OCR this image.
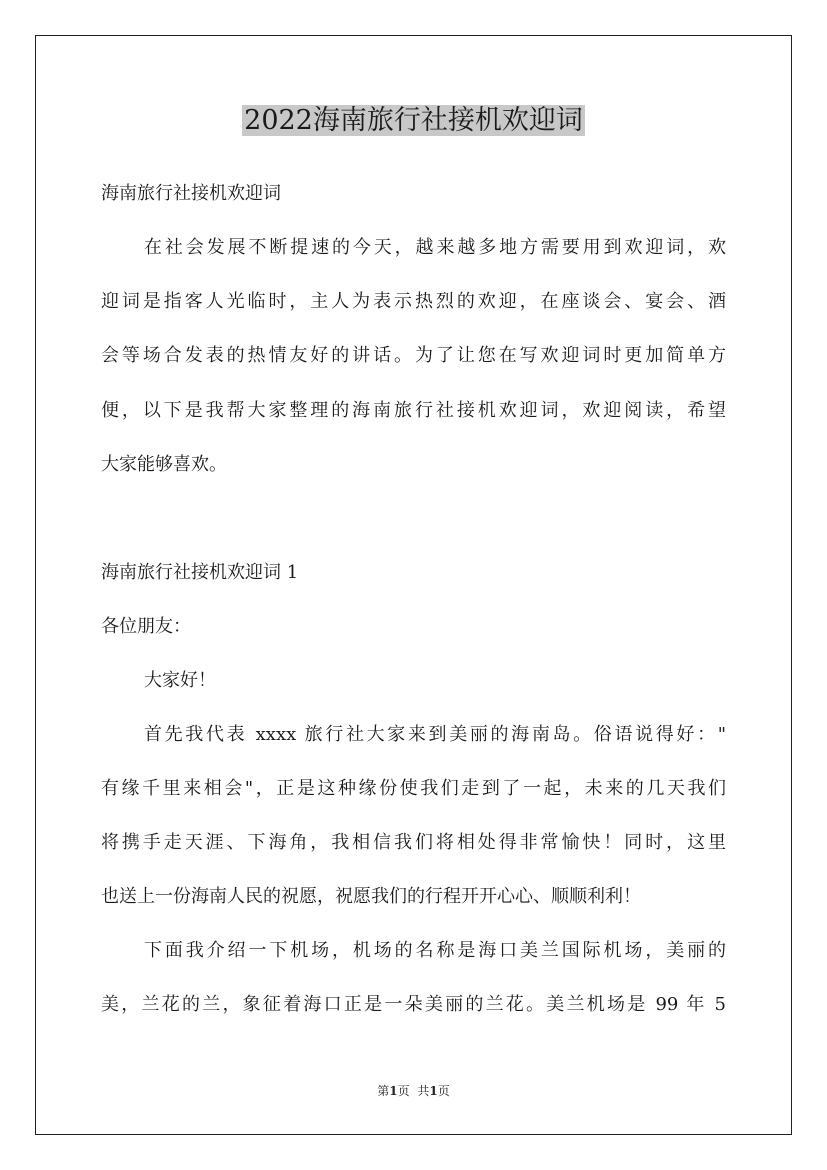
2022海南旅行社接机欢迎词
海南旅行社接机欢迎词
在社会发展不断提速的今天，越来越多地方需要用到欢迎词，欢
迎词是指客人光临时，主人为表示热烈的欢迎，在座谈会、宴会、酒
会等场合发表的热情友好的讲话。为了让您在写欢迎词时更加简单方
便，以下是我帮大家整理的海南旅行社接机欢迎词，欢迎阅读，希望
大家能够喜欢。
海南旅行社接机欢迎词 1
各位朋友：
大家好！
首先我代表 xxxx 旅行社大家来到美丽的海南岛。俗语说得好："
有缘千里来相会"，正是这种缘份使我们走到了一起，未来的几天我们
将携手走天涯、下海角，我相信我们将相处得非常愉快！同时，这里
也送上一份海南人民的祝愿，祝愿我们的行程开开心心、顺顺利利！
下面我介绍一下机场，机场的名称是海口美兰国际机场，美丽的
美，兰花的兰，象征着海口正是一朵美丽的兰花。美兰机场是 99 年 5
第1页 共1页
